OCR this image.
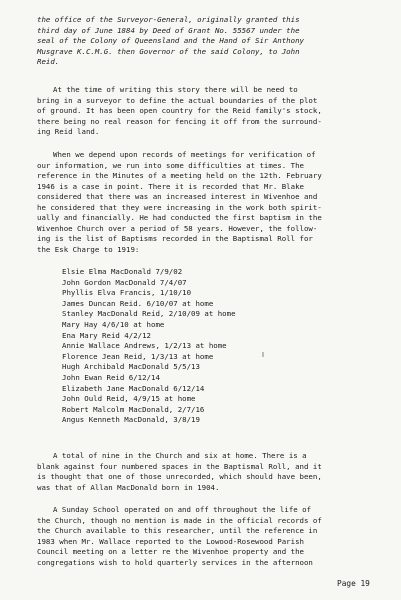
the office of the Surveyor-General, originally granted this
third day of June 1884 by Deed of Grant No. 55567 under the
seal of the Colony of Queensland and the Hand of Sir Anthony
Musgrave K.C.M.G. then Governor of the said Colony, to John
Reid.
At the time of writing this story there will be need to
bring in a surveyor to define the actual boundaries of the plot
of ground. It has been open country for the Reid family's stock,
there being no real reason for fencing it off from the surround-
ing Reid land.
When we depend upon records of meetings for verification of
our information, we run into some difficulties at times. The
reference in the Minutes of a meeting held on the 12th. February
1946 is a case in point. There it is recorded that Mr. Blake
considered that there was an increased interest in Wivenhoe and
he considered that they were increasing in the work both spirit-
ually and financially. He had conducted the first baptism in the
Wivenhoe Church over a period of 58 years. However, the follow-
ing is the list of Baptisms recorded in the Baptismal Roll for
the Esk Charge to 1919:
Elsie Elma MacDonald 7/9/02
John Gordon MacDonald 7/4/07
Phyllis Elva Francis, 1/10/10
James Duncan Reid. 6/10/07 at home
Stanley MacDonald Reid, 2/10/09 at home
Mary Hay 4/6/10 at home
Ena Mary Reid 4/2/12
Annie Wallace Andrews, 1/2/13 at home
Florence Jean Reid, 1/3/13 at home
Hugh Archibald MacDonald 5/5/13
John Ewan Reid 6/12/14
Elizabeth Jane MacDonald 6/12/14
John Ould Reid, 4/9/15 at home
Robert Malcolm MacDonald, 2/7/16
Angus Kenneth MacDonald, 3/8/19
A total of nine in the Church and six at home. There is a
blank against four numbered spaces in the Baptismal Roll, and it
is thought that one of those unrecorded, which should have been,
was that of Allan MacDonald born in 1904.
A Sunday School operated on and off throughout the life of
the Church, though no mention is made in the official records of
the Church available to this researcher, until the reference in
1983 when Mr. Wallace reported to the Lowood-Rosewood Parish
Council meeting on a letter re the Wivenhoe property and the
congregations wish to hold quarterly services in the afternoon
Page 19
